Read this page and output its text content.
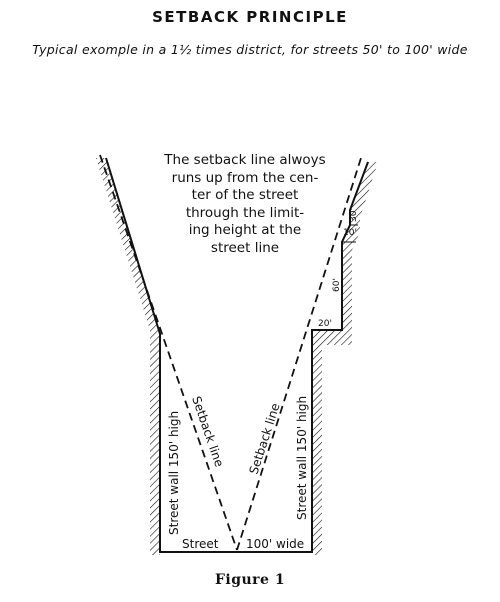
SETBACK PRINCIPLE
Typical exomple in a 1½ times district, for streets 50' to 100' wide
The setback line alwoys
runs up from the cen-
ter of the street
through the limit-
ing height at the
street line
Street wall 150' high	Street wall 150' high
Setback line Setback line
Street 100' wide
20'
60'
10'
30'
Figure 1
